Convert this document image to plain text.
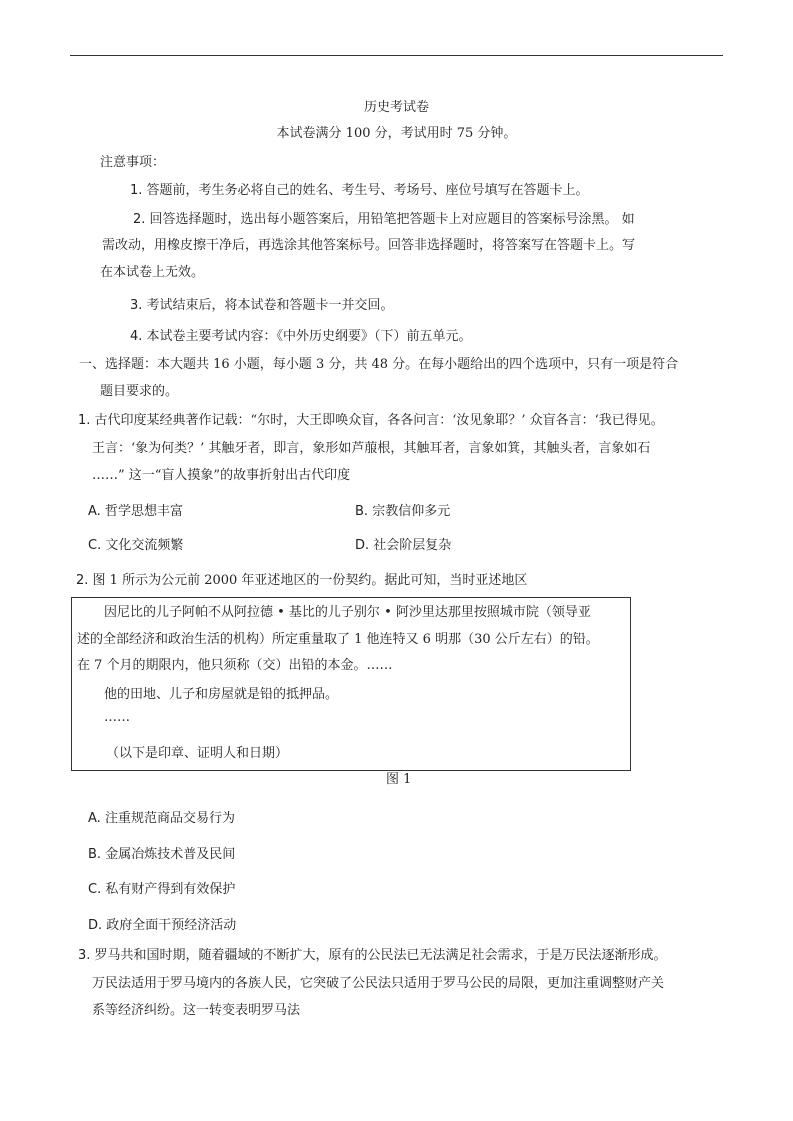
历史考试卷
本试卷满分 100 分，考试用时 75 分钟。
注意事项：
1. 答题前，考生务必将自己的姓名、考生号、考场号、座位号填写在答题卡上。
2. 回答选择题时，选出每小题答案后，用铅笔把答题卡上对应题目的答案标号涂黑。 如
需改动，用橡皮擦干净后，再选涂其他答案标号。回答非选择题时，将答案写在答题卡上。写
在本试卷上无效。
3. 考试结束后，将本试卷和答题卡一并交回。
4. 本试卷主要考试内容：《中外历史纲要》（下）前五单元。
一、选择题：本大题共 16 小题，每小题 3 分，共 48 分。在每小题给出的四个选项中，只有一项是符合
题目要求的。
1. 古代印度某经典著作记载：“尔时，大王即唤众盲，各各问言：‘汝见象耶？’ 众盲各言：‘我已得见。
王言：‘象为何类？’ 其触牙者，即言，象形如芦菔根，其触耳者，言象如箕，其触头者，言象如石
……” 这一“盲人摸象”的故事折射出古代印度
A. 哲学思想丰富	B. 宗教信仰多元
C. 文化交流频繁	D. 社会阶层复杂
2. 图 1 所示为公元前 2000 年亚述地区的一份契约。据此可知，当时亚述地区
因尼比的儿子阿帕不从阿拉德 • 基比的儿子别尔 • 阿沙里达那里按照城市院（领导亚
述的全部经济和政治生活的机构）所定重量取了 1 他连特又 6 明那（30 公斤左右）的铅。
在 7 个月的期限内，他只须称（交）出铅的本金。……
他的田地、儿子和房屋就是铅的抵押品。
……
（以下是印章、证明人和日期）
图 1
A. 注重规范商品交易行为
B. 金属冶炼技术普及民间
C. 私有财产得到有效保护
D. 政府全面干预经济活动
3. 罗马共和国时期，随着疆域的不断扩大，原有的公民法已无法满足社会需求，于是万民法逐渐形成。
万民法适用于罗马境内的各族人民，它突破了公民法只适用于罗马公民的局限，更加注重调整财产关
系等经济纠纷。这一转变表明罗马法
